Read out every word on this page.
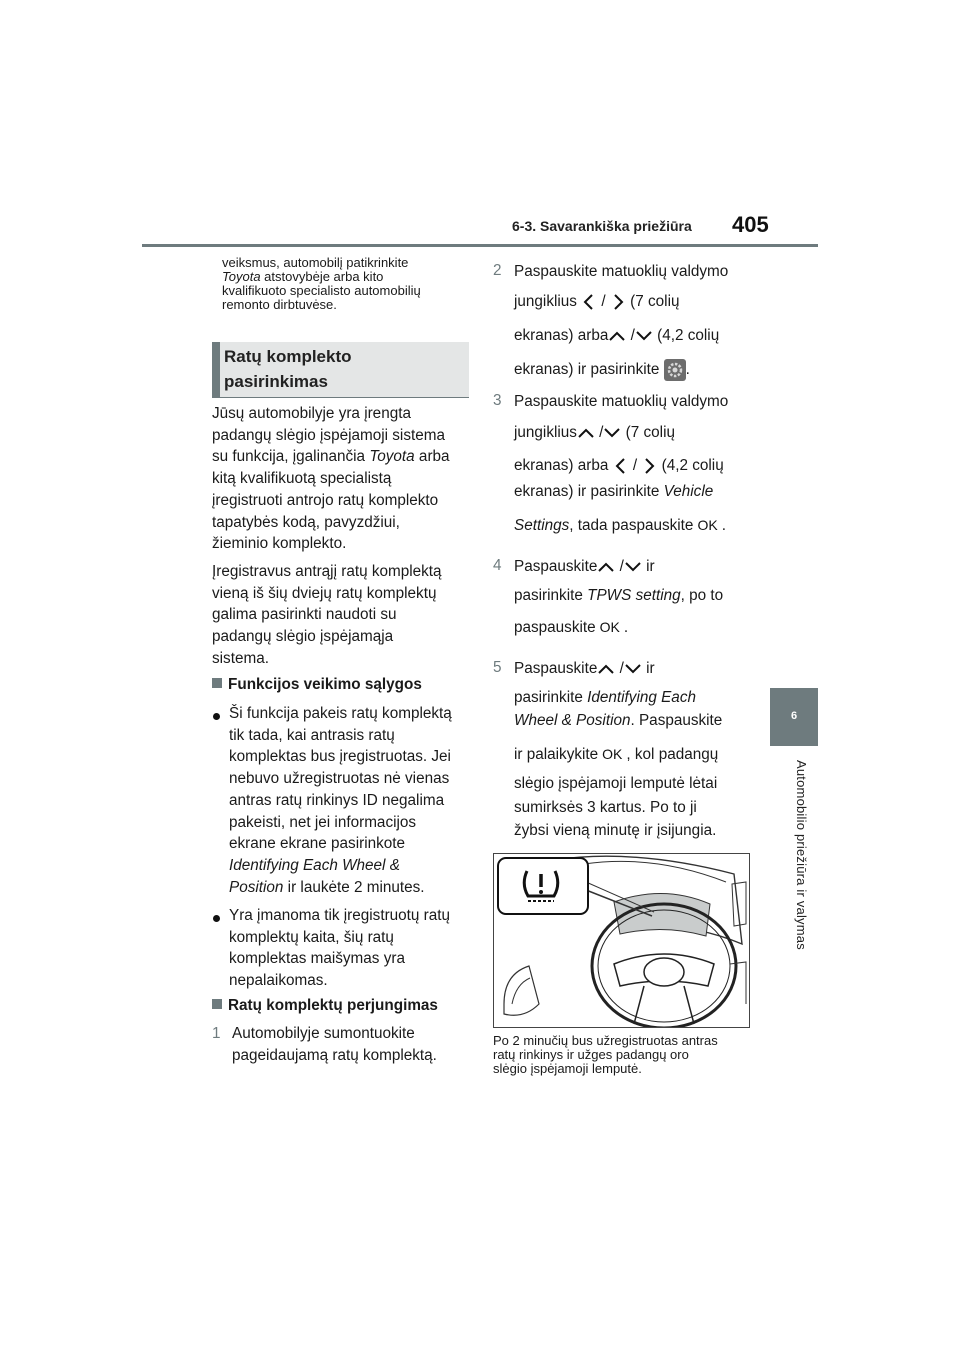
6-3. Savarankiška priežiūra 405
6
Automobilio priežiūra ir valymas
veiksmus, automobilį patikrinkite
Toyota atstovybėje arba kito
kvalifikuoto specialisto automobilių
remonto dirbtuvėse.
Ratų komplekto
pasirinkimas
Jūsų automobilyje yra įrengta
padangų slėgio įspėjamoji sistema
su funkcija, įgalinančia Toyota arba
kitą kvalifikuotą specialistą
įregistruoti antrojo ratų komplekto
tapatybės kodą, pavyzdžiui,
žieminio komplekto.
Įregistravus antrąjį ratų komplektą
vieną iš šių dviejų ratų komplektų
galima pasirinkti naudoti su
padangų slėgio įspėjamąja
sistema.
Funkcijos veikimo sąlygos
Ši funkcija pakeis ratų komplektą
tik tada, kai antrasis ratų
komplektas bus įregistruotas. Jei
nebuvo užregistruotas nė vienas
antras ratų rinkinys ID negalima
pakeisti, net jei informacijos
ekrane ekrane pasirinkote
Identifying Each Wheel &
Position ir laukėte 2 minutes.
Yra įmanoma tik įregistruotų ratų
komplektų kaita, šių ratų
komplektas maišymas yra
nepalaikomas.
Ratų komplektų perjungimas
1 Automobilyje sumontuokite
pageidaujamą ratų komplektą.
2 Paspauskite matuoklių valdymo
jungiklius / (7 colių
ekranas) arba / (4,2 colių
ekranas) ir pasirinkite .
3 Paspauskite matuoklių valdymo
jungiklius / (7 colių
ekranas) arba / (4,2 colių
ekranas) ir pasirinkite Vehicle
Settings, tada paspauskite OK .
4 Paspauskite / ir
pasirinkite TPWS setting, po to
paspauskite OK .
5 Paspauskite / ir
pasirinkite Identifying Each
Wheel & Position. Paspauskite
ir palaikykite OK , kol padangų
slėgio įspėjamoji lemputė lėtai
sumirksės 3 kartus. Po to ji
žybsi vieną minutę ir įsijungia.
Po 2 minučių bus užregistruotas antras
ratų rinkinys ir užges padangų oro
slėgio įspėjamoji lemputė.
